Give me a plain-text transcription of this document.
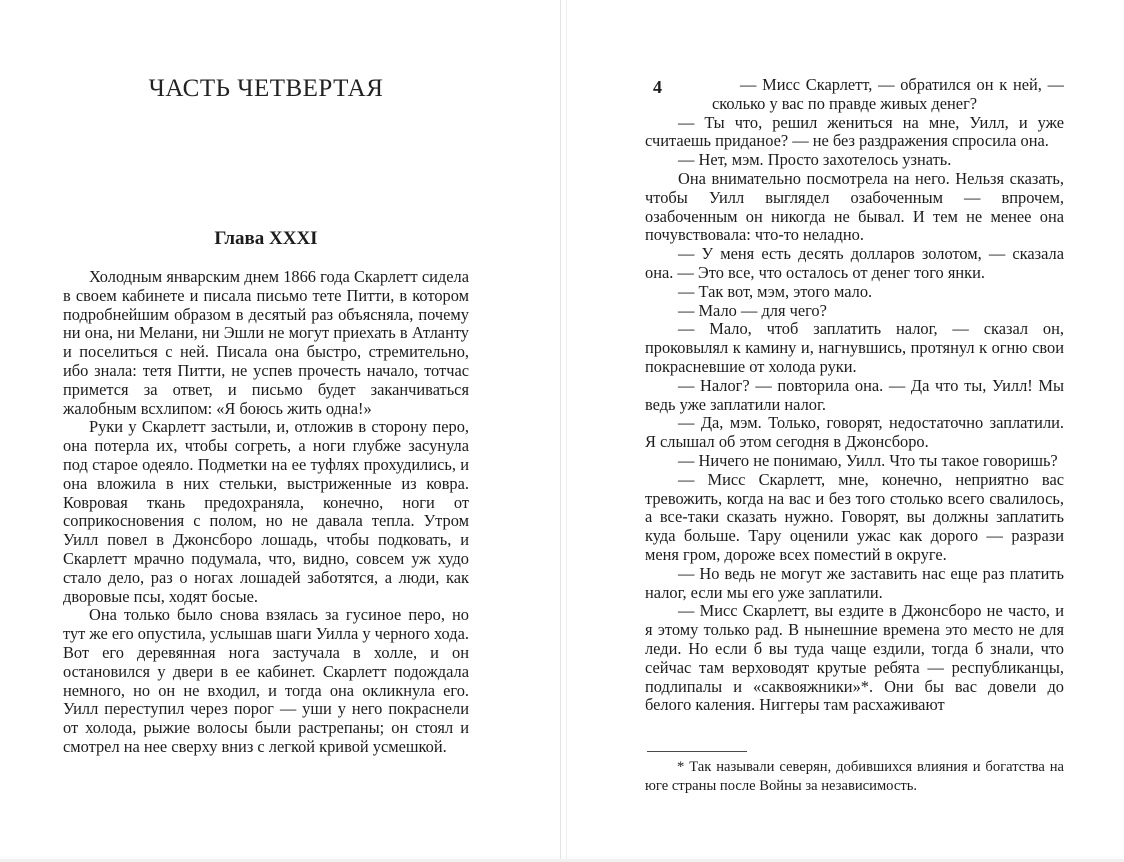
ЧАСТЬ ЧЕТВЕРТАЯ
Глава XXXI

Холодным январским днем 1866 года Скарлетт сидела в своем кабинете и писала письмо тете Питти, в котором подробнейшим образом в десятый раз объясняла, почему ни она, ни Мелани, ни Эшли не могут приехать в Атланту и поселиться с ней. Писала она быстро, стремительно, ибо знала: тетя Питти, не успев прочесть начало, тотчас примется за ответ, и письмо будет заканчиваться жалобным всхлипом: «Я боюсь жить одна!»

Руки у Скарлетт застыли, и, отложив в сторону перо, она потерла их, чтобы согреть, а ноги глубже засунула под старое одеяло. Подметки на ее туфлях прохудились, и она вложила в них стельки, выстриженные из ковра. Ковровая ткань предохраняла, конечно, ноги от соприкосновения с полом, но не давала тепла. Утром Уилл повел в Джонсборо лошадь, чтобы подковать, и Скарлетт мрачно подумала, что, видно, совсем уж худо стало дело, раз о ногах лошадей заботятся, а люди, как дворовые псы, ходят босые.

Она только было снова взялась за гусиное перо, но тут же его опустила, услышав шаги Уилла у черного хода. Вот его деревянная нога застучала в холле, и он остановился у двери в ее кабинет. Скарлетт подождала немного, но он не входил, и тогда она окликнула его. Уилл переступил через порог — уши у него покраснели от холода, рыжие волосы были растрепаны; он стоял и смотрел на нее сверху вниз с легкой кривой усмешкой.

4	— Мисс Скарлетт, — обратился он к ней, —
сколько у вас по правде живых денег?

— Ты что, решил жениться на мне, Уилл, и уже считаешь приданое? — не без раздражения спросила она.

— Нет, мэм. Просто захотелось узнать.

Она внимательно посмотрела на него. Нельзя сказать, чтобы Уилл выглядел озабоченным — впрочем, озабоченным он никогда не бывал. И тем не менее она почувствовала: что-то неладно.

— У меня есть десять долларов золотом, — сказала она. — Это все, что осталось от денег того янки.

— Так вот, мэм, этого мало.

— Мало — для чего?

— Мало, чтоб заплатить налог, — сказал он, проковылял к камину и, нагнувшись, протянул к огню свои покрасневшие от холода руки.

— Налог? — повторила она. — Да что ты, Уилл! Мы ведь уже заплатили налог.

— Да, мэм. Только, говорят, недостаточно заплатили. Я слышал об этом сегодня в Джонсборо.

— Ничего не понимаю, Уилл. Что ты такое говоришь?

— Мисс Скарлетт, мне, конечно, неприятно вас тревожить, когда на вас и без того столько всего свалилось, а все-таки сказать нужно. Говорят, вы должны заплатить куда больше. Тару оценили ужас как дорого — разрази меня гром, дороже всех поместий в округе.

— Но ведь не могут же заставить нас еще раз платить налог, если мы его уже заплатили.

— Мисс Скарлетт, вы ездите в Джонсборо не часто, и я этому только рад. В нынешние времена это место не для леди. Но если б вы туда чаще ездили, тогда б знали, что сейчас там верховодят крутые ребята — республиканцы, подлипалы и «саквояжники»*. Они бы вас довели до белого каления. Ниггеры там расхаживают

* Так называли северян, добившихся влияния и богатства на юге страны после Войны за независимость.
